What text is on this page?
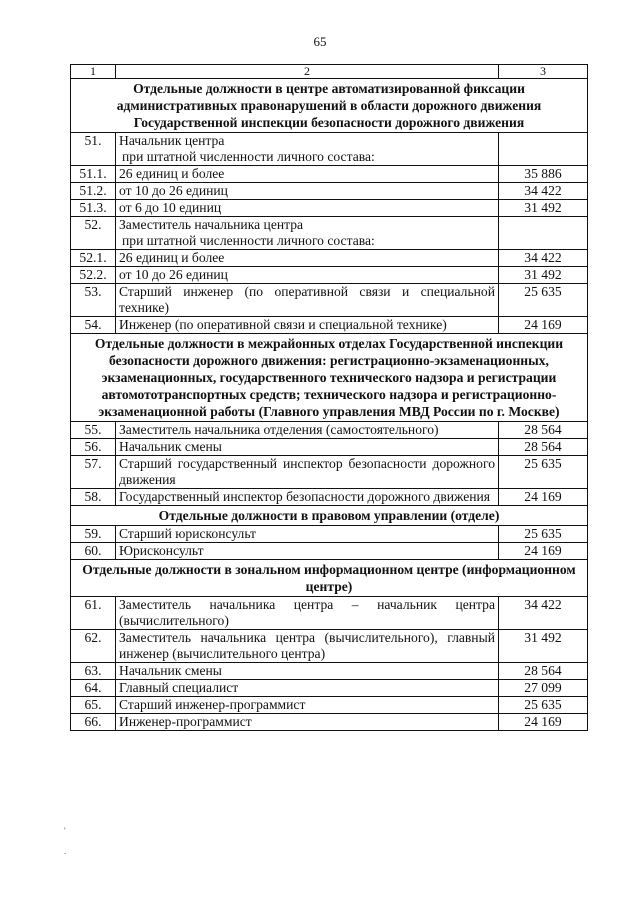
65
1	2	3
Отдельные должности в центре автоматизированной фиксации административных правонарушений в области дорожного движения Государственной инспекции безопасности дорожного движения		
51.	Начальник центра
при штатной численности личного состава:	

51.1.	26 единиц и более	35 886
51.2.	от 10 до 26 единиц	34 422
51.3.	от 6 до 10 единиц	31 492
52.	Заместитель начальника центра
при штатной численности личного состава:	

52.1.	26 единиц и более	34 422
52.2.	от 10 до 26 единиц	31 492
53.	Старший инженер (по оперативной связи и специальной технике)	25 635
54.	Инженер (по оперативной связи и специальной технике)	24 169
Отдельные должности в межрайонных отделах Государственной инспекции безопасности дорожного движения: регистрационно-экзаменационных, экзаменационных, государственного технического надзора и регистрации автомототранспортных средств; технического надзора и регистрационно-экзаменационной работы (Главного управления МВД России по г. Москве)		
55.	Заместитель начальника отделения (самостоятельного)	28 564
56.	Начальник смены	28 564
57.	Старший государственный инспектор безопасности дорожного движения	25 635
58.	Государственный инспектор безопасности дорожного движения	24 169
Отдельные должности в правовом управлении (отделе)		
59.	Старший юрисконсульт	25 635
60.	Юрисконсульт	24 169
Отдельные должности в зональном информационном центре (информационном центре)		
61.	Заместитель начальника центра – начальник центра (вычислительного)	34 422
62.	Заместитель начальника центра (вычислительного), главный инженер (вычислительного центра)	31 492
63.	Начальник смены	28 564
64.	Главный специалист	27 099
65.	Старший инженер-программист	25 635
66.	Инженер-программист	24 169
'
.
